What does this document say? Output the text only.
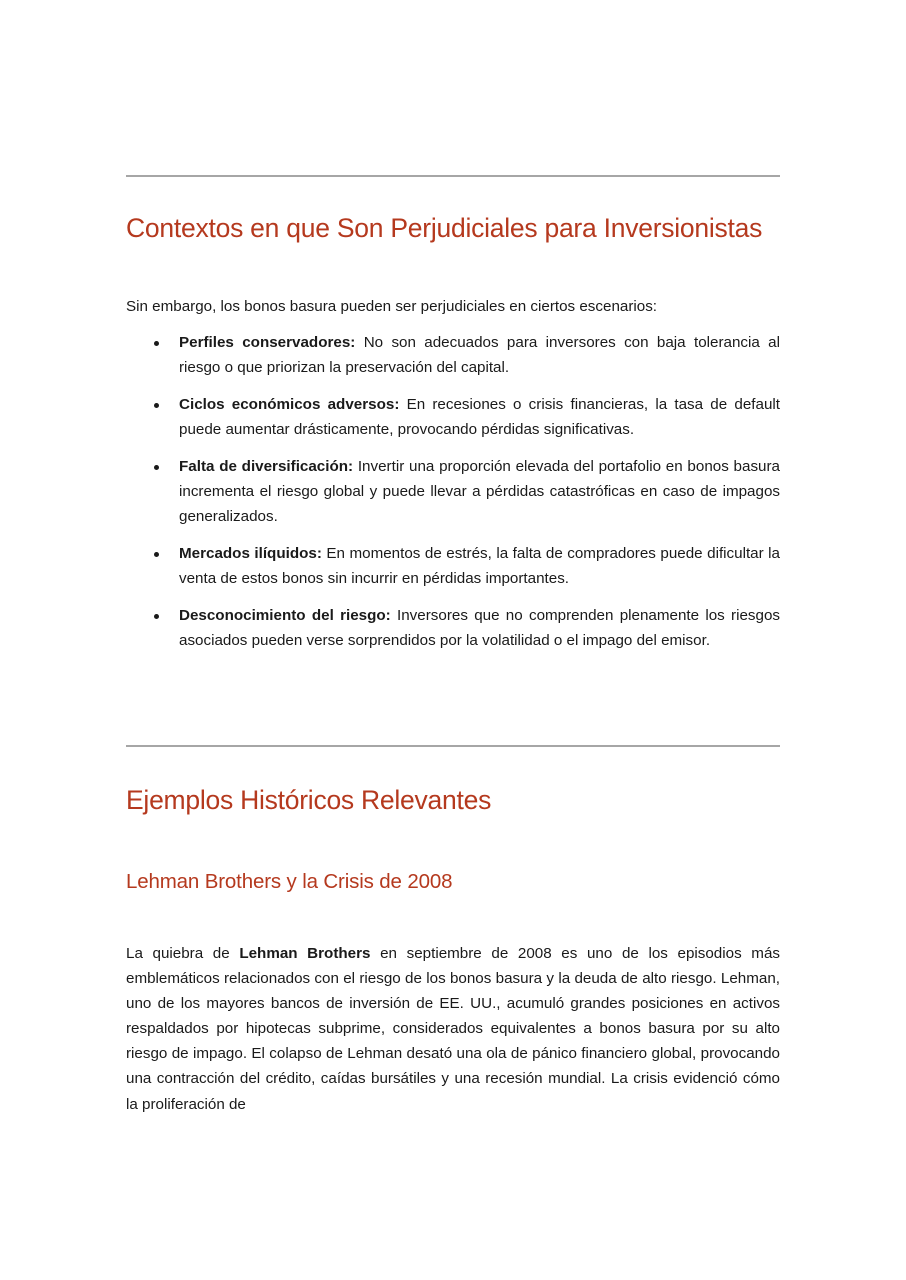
Contextos en que Son Perjudiciales para Inversionistas

Sin embargo, los bonos basura pueden ser perjudiciales en ciertos escenarios:

Perfiles conservadores: No son adecuados para inversores con baja tolerancia al riesgo o que priorizan la preservación del capital.
Ciclos económicos adversos: En recesiones o crisis financieras, la tasa de default puede aumentar drásticamente, provocando pérdidas significativas.
Falta de diversificación: Invertir una proporción elevada del portafolio en bonos basura incrementa el riesgo global y puede llevar a pérdidas catastróficas en caso de impagos generalizados.
Mercados ilíquidos: En momentos de estrés, la falta de compradores puede dificultar la venta de estos bonos sin incurrir en pérdidas importantes.
Desconocimiento del riesgo: Inversores que no comprenden plenamente los riesgos asociados pueden verse sorprendidos por la volatilidad o el impago del emisor.
Ejemplos Históricos Relevantes
Lehman Brothers y la Crisis de 2008

La quiebra de Lehman Brothers en septiembre de 2008 es uno de los episodios más emblemáticos relacionados con el riesgo de los bonos basura y la deuda de alto riesgo. Lehman, uno de los mayores bancos de inversión de EE. UU., acumuló grandes posiciones en activos respaldados por hipotecas subprime, considerados equivalentes a bonos basura por su alto riesgo de impago. El colapso de Lehman desató una ola de pánico financiero global, provocando una contracción del crédito, caídas bursátiles y una recesión mundial. La crisis evidenció cómo la proliferación de
